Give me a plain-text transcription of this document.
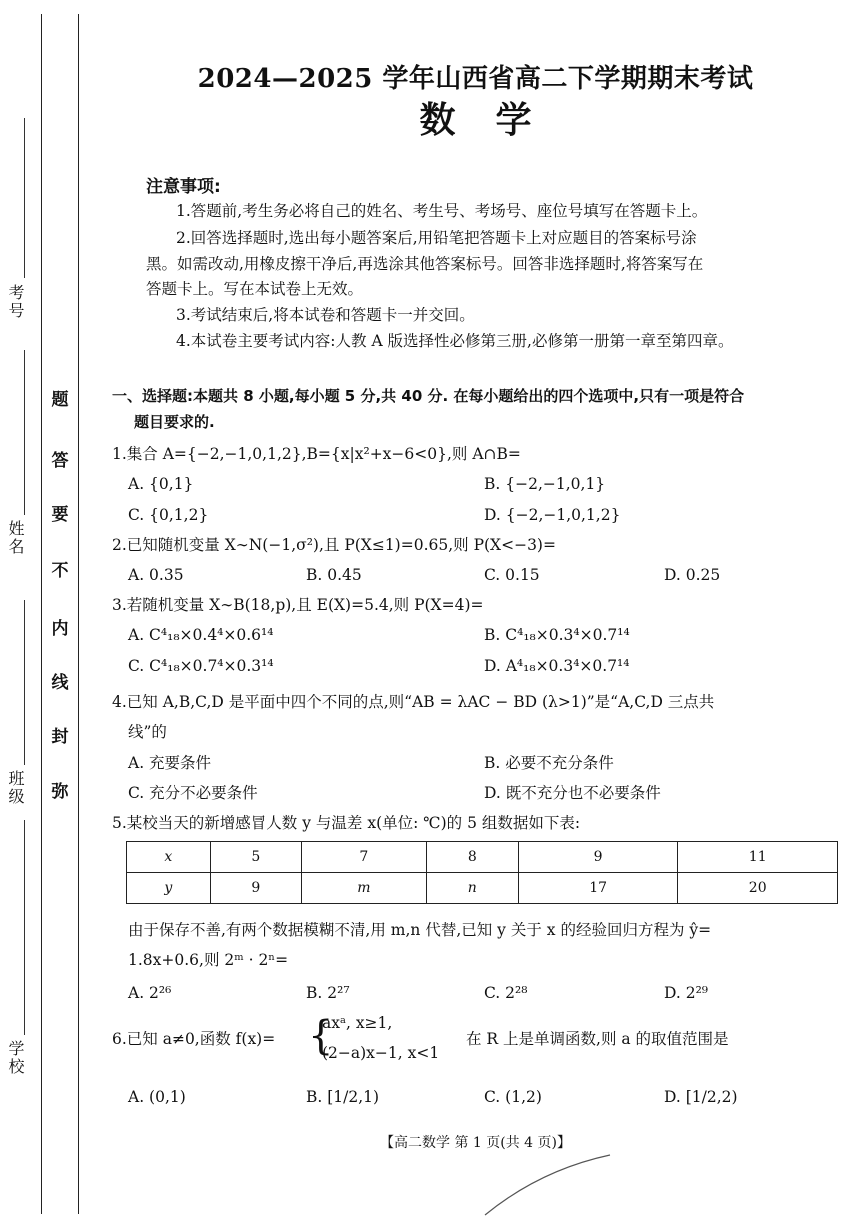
考号
姓名
班级
学校
题
答
要
不
内
线
封
弥
2024—2025 学年山西省高二下学期期末考试
数学
注意事项:
1.答题前,考生务必将自己的姓名、考生号、考场号、座位号填写在答题卡上。
2.回答选择题时,选出每小题答案后,用铅笔把答题卡上对应题目的答案标号涂
黑。如需改动,用橡皮擦干净后,再选涂其他答案标号。回答非选择题时,将答案写在
答题卡上。写在本试卷上无效。
3.考试结束后,将本试卷和答题卡一并交回。
4.本试卷主要考试内容:人教 A 版选择性必修第三册,必修第一册第一章至第四章。
一、选择题:本题共 8 小题,每小题 5 分,共 40 分. 在每小题给出的四个选项中,只有一项是符合
题目要求的.
1.集合 A={−2,−1,0,1,2},B={x|x²+x−6<0},则 A∩B=
A. {0,1}	B. {−2,−1,0,1}
C. {0,1,2}	D. {−2,−1,0,1,2}
2.已知随机变量 X∼N(−1,σ²),且 P(X≤1)=0.65,则 P(X<−3)=
A. 0.35	B. 0.45	C. 0.15	D. 0.25
3.若随机变量 X∼B(18,p),且 E(X)=5.4,则 P(X=4)=
A. C⁴₁₈×0.4⁴×0.6¹⁴	B. C⁴₁₈×0.3⁴×0.7¹⁴
C. C⁴₁₈×0.7⁴×0.3¹⁴	D. A⁴₁₈×0.3⁴×0.7¹⁴
4.已知 A,B,C,D 是平面中四个不同的点,则“AB = λAC − BD (λ>1)”是“A,C,D 三点共
线”的
A. 充要条件	B. 必要不充分条件
C. 充分不必要条件	D. 既不充分也不必要条件
5.某校当天的新增感冒人数 y 与温差 x(单位: ℃)的 5 组数据如下表:
x	5	7	8	9	11
y	9	m	n	17	20
由于保存不善,有两个数据模糊不清,用 m,n 代替,已知 y 关于 x 的经验回归方程为 ŷ=
1.8x+0.6,则 2ᵐ · 2ⁿ=
A. 2²⁶	B. 2²⁷	C. 2²⁸	D. 2²⁹
6.已知 a≠0,函数 f(x)= {
axᵃ, x≥1,
(2−a)x−1, x<1
在 R 上是单调函数,则 a 的取值范围是
A. (0,1)	B. [1/2,1)	C. (1,2)	D. [1/2,2)
【高二数学 第 1 页(共 4 页)】
